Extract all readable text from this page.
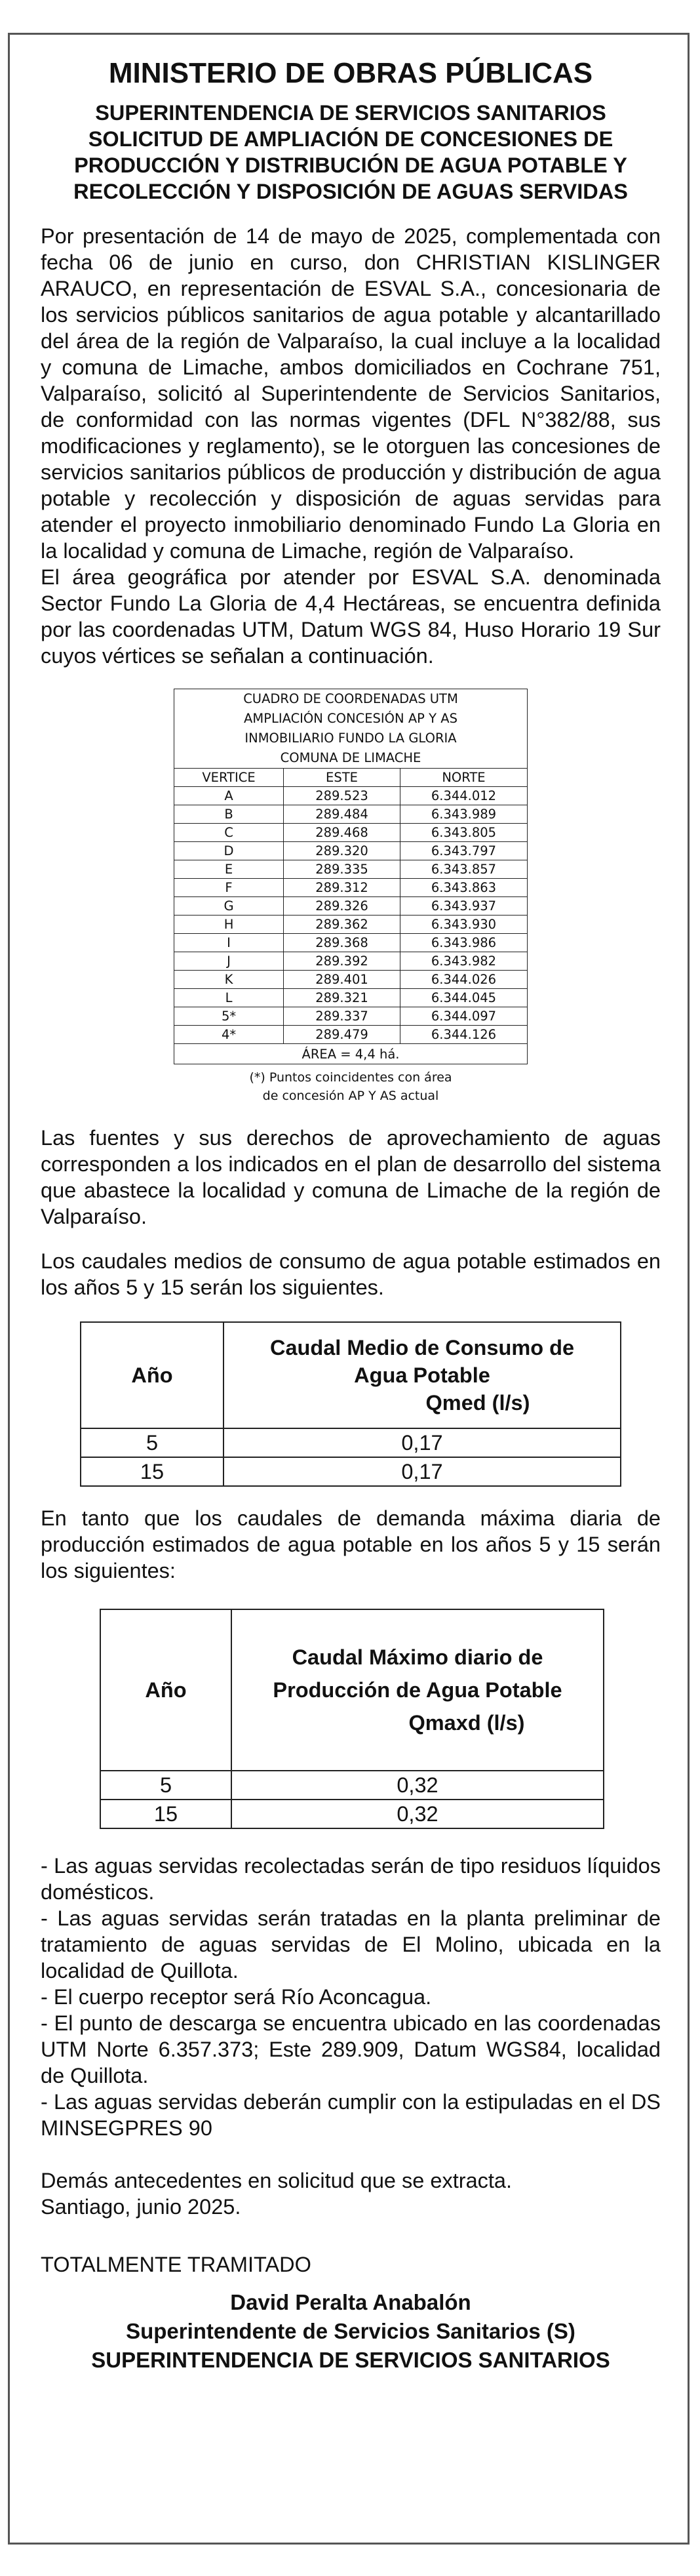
MINISTERIO DE OBRAS PÚBLICAS
SUPERINTENDENCIA DE SERVICIOS SANITARIOS
SOLICITUD DE AMPLIACIÓN DE CONCESIONES DE
PRODUCCIÓN Y DISTRIBUCIÓN DE AGUA POTABLE Y
RECOLECCIÓN Y DISPOSICIÓN DE AGUAS SERVIDAS

Por presentación de 14 de mayo de 2025, complementada con fecha 06 de junio en curso, don CHRISTIAN KISLINGER ARAUCO, en representación de ESVAL S.A., concesionaria de los servicios públicos sanitarios de agua potable y alcantarillado del área de la región de Valparaíso, la cual incluye a la localidad y comuna de Limache, ambos domiciliados en Cochrane 751, Valparaíso, solicitó al Superintendente de Servicios Sanitarios, de conformidad con las normas vigentes (DFL N°382/88, sus modificaciones y reglamento), se le otorguen las concesiones de servicios sanitarios públicos de producción y distribución de agua potable y recolección y disposición de aguas servidas para atender el proyecto inmobiliario denominado Fundo La Gloria en la localidad y comuna de Limache, región de Valparaíso.

El área geográfica por atender por ESVAL S.A. denominada Sector Fundo La Gloria de 4,4 Hectáreas, se encuentra definida por las coordenadas UTM, Datum WGS 84, Huso Horario 19 Sur cuyos vértices se señalan a continuación.

CUADRO DE COORDENADAS UTM		
AMPLIACIÓN CONCESIÓN AP Y AS		
INMOBILIARIO FUNDO LA GLORIA		
COMUNA DE LIMACHE		
VERTICE	ESTE	NORTE
A	289.523	6.344.012
B	289.484	6.343.989
C	289.468	6.343.805
D	289.320	6.343.797
E	289.335	6.343.857
F	289.312	6.343.863
G	289.326	6.343.937
H	289.362	6.343.930
I	289.368	6.343.986
J	289.392	6.343.982
K	289.401	6.344.026
L	289.321	6.344.045
5*	289.337	6.344.097
4*	289.479	6.344.126
ÁREA = 4,4 há.		
(*) Puntos coincidentes con área
de concesión AP Y AS actual

Las fuentes y sus derechos de aprovechamiento de aguas corresponden a los indicados en el plan de desarrollo del sistema que abastece la localidad y comuna de Limache de la región de Valparaíso.

Los caudales medios de consumo de agua potable estimados en los años 5 y 15 serán los siguientes.

Año	Caudal Medio de Consumo de
Agua Potable
Qmed (l/s)

5	0,17
15	0,17

En tanto que los caudales de demanda máxima diaria de producción estimados de agua potable en los años 5 y 15 serán los siguientes:

Año	Caudal Máximo diario de
Producción de Agua Potable
Qmaxd (l/s)

5	0,32
15	0,32

- Las aguas servidas recolectadas serán de tipo residuos líquidos domésticos.

- Las aguas servidas serán tratadas en la planta preliminar de tratamiento de aguas servidas de El Molino, ubicada en la localidad de Quillota.

- El cuerpo receptor será Río Aconcagua.

- El punto de descarga se encuentra ubicado en las coordenadas UTM Norte 6.357.373; Este 289.909, Datum WGS84, localidad de Quillota.

- Las aguas servidas deberán cumplir con la estipuladas en el DS MINSEGPRES 90

Demás antecedentes en solicitud que se extracta.

Santiago, junio 2025.

TOTALMENTE TRAMITADO
David Peralta Anabalón
Superintendente de Servicios Sanitarios (S)
SUPERINTENDENCIA DE SERVICIOS SANITARIOS
